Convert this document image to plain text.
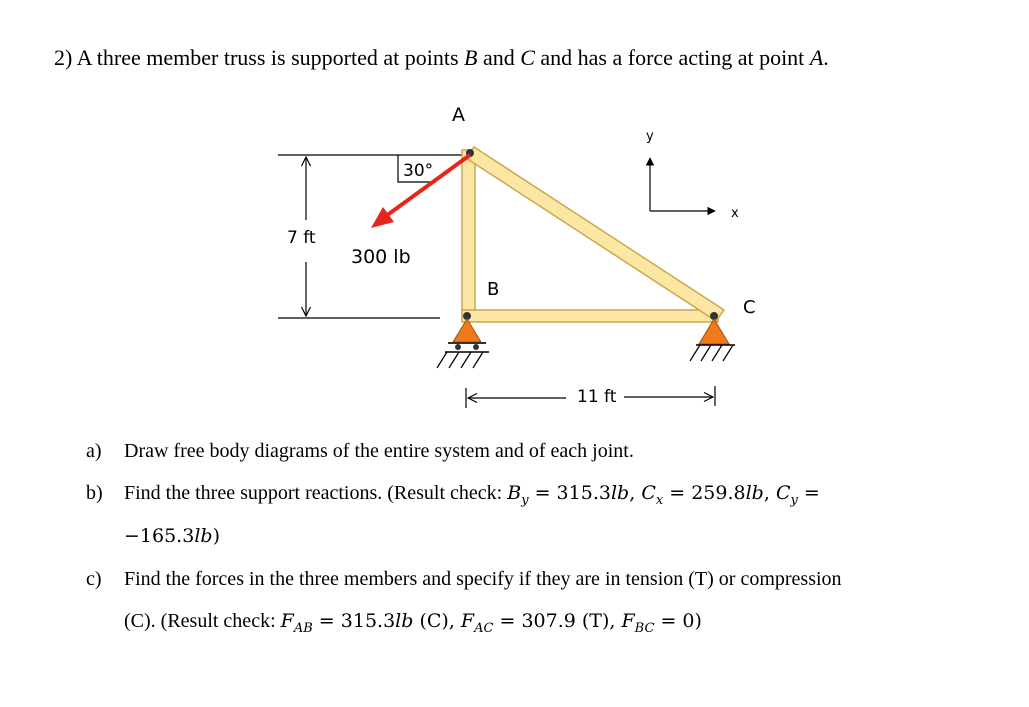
2) A three member truss is supported at points B and C and has a force acting at point A.
7 ft
30°
300 lb
A
B
C
y
x
11 ft
a) Draw free body diagrams of the entire system and of each joint.
b) Find the three support reactions. (Result check: $B_y = 315.3lb$, $C_x = 259.8lb$, $C_y$ =
−165.3lb)
c) Find the forces in the three members and specify if they are in tension (T) or compression
(C). (Result check: $F_{AB} = 315.3lb$ (C), $F_{AC} = 307.9$ (T), $F_{BC} = 0$)
